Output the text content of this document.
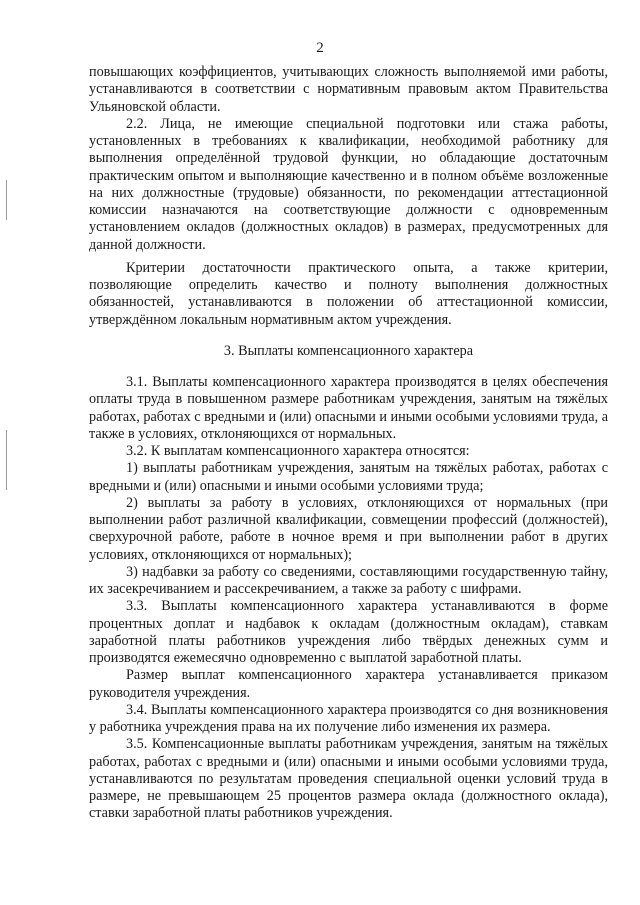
2

повышающих коэффициентов, учитывающих сложность выполняемой ими работы, устанавливаются в соответствии с нормативным правовым актом Правительства Ульяновской области.

2.2. Лица, не имеющие специальной подготовки или стажа работы, установленных в требованиях к квалификации, необходимой работнику для выполнения определённой трудовой функции, но обладающие достаточным практическим опытом и выполняющие качественно и в полном объёме возложенные на них должностные (трудовые) обязанности, по рекомендации аттестационной комиссии назначаются на соответствующие должности с одновременным установлением окладов (должностных окладов) в размерах, предусмотренных для данной должности.

Критерии достаточности практического опыта, а также критерии, позволяющие определить качество и полноту выполнения должностных обязанностей, устанавливаются в положении об аттестационной комиссии, утверждённом локальным нормативным актом учреждения.

3. Выплаты компенсационного характера

3.1. Выплаты компенсационного характера производятся в целях обеспечения оплаты труда в повышенном размере работникам учреждения, занятым на тяжёлых работах, работах с вредными и (или) опасными и иными особыми условиями труда, а также в условиях, отклоняющихся от нормальных.

3.2. К выплатам компенсационного характера относятся:

1) выплаты работникам учреждения, занятым на тяжёлых работах, работах с вредными и (или) опасными и иными особыми условиями труда;

2) выплаты за работу в условиях, отклоняющихся от нормальных (при выполнении работ различной квалификации, совмещении профессий (должностей), сверхурочной работе, работе в ночное время и при выполнении работ в других условиях, отклоняющихся от нормальных);

3) надбавки за работу со сведениями, составляющими государственную тайну, их засекречиванием и рассекречиванием, а также за работу с шифрами.

3.3. Выплаты компенсационного характера устанавливаются в форме процентных доплат и надбавок к окладам (должностным окладам), ставкам заработной платы работников учреждения либо твёрдых денежных сумм и производятся ежемесячно одновременно с выплатой заработной платы.

Размер выплат компенсационного характера устанавливается приказом руководителя учреждения.

3.4. Выплаты компенсационного характера производятся со дня возникновения у работника учреждения права на их получение либо изменения их размера.

3.5. Компенсационные выплаты работникам учреждения, занятым на тяжёлых работах, работах с вредными и (или) опасными и иными особыми условиями труда, устанавливаются по результатам проведения специальной оценки условий труда в размере, не превышающем 25 процентов размера оклада (должностного оклада), ставки заработной платы работников учреждения.
